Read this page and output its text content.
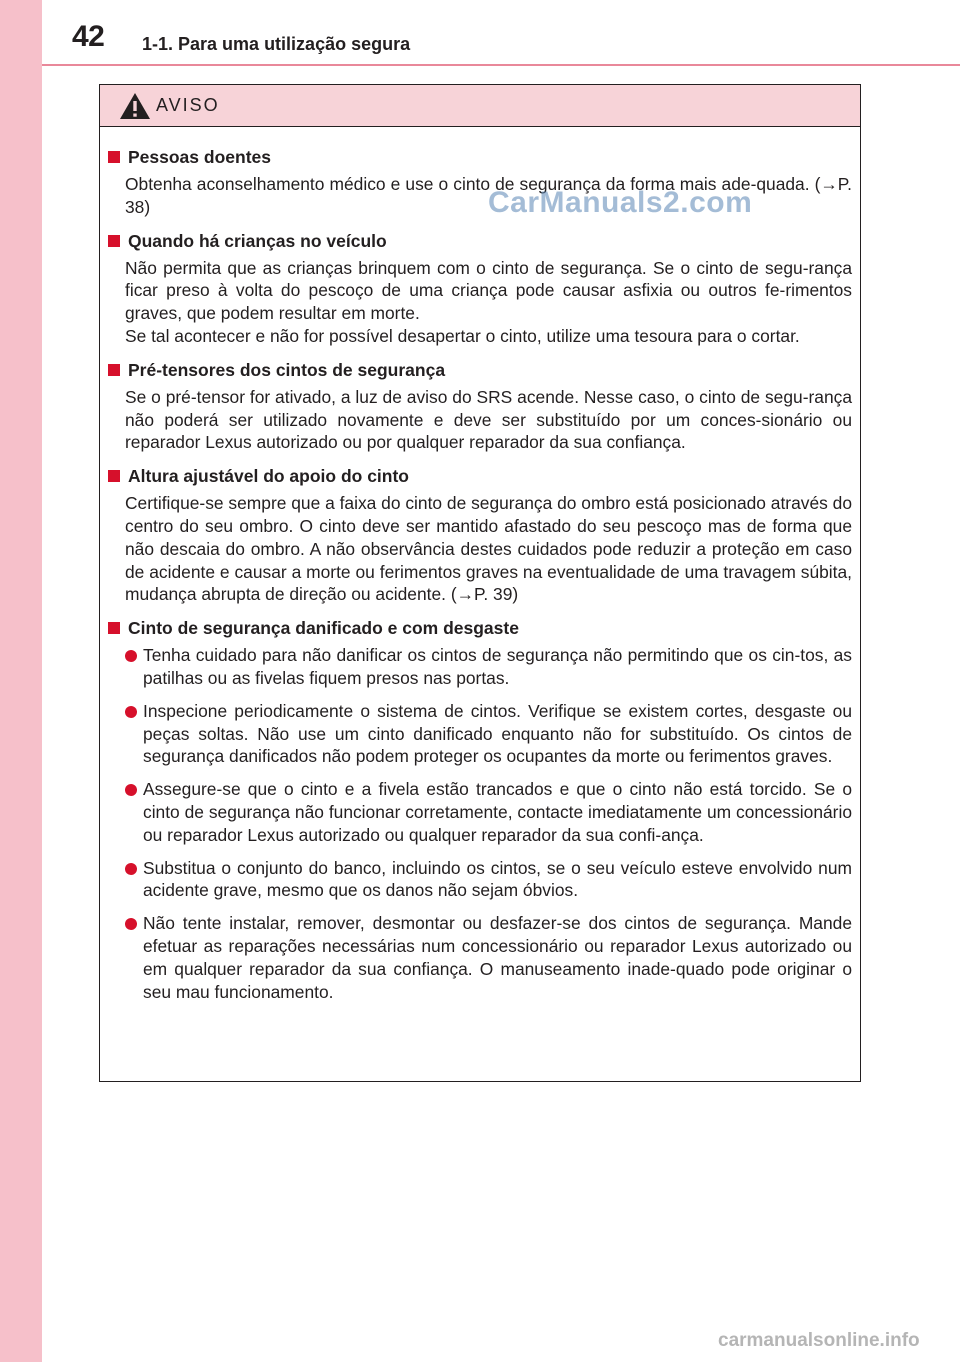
42 1-1. Para uma utilização segura
AVISO
Pessoas doentes

Obtenha aconselhamento médico e use o cinto de segurança da forma mais ade-quada. (→P. 38)

Quando há crianças no veículo

Não permita que as crianças brinquem com o cinto de segurança. Se o cinto de segu-rança ficar preso à volta do pescoço de uma criança pode causar asfixia ou outros fe-rimentos graves, que podem resultar em morte.

Se tal acontecer e não for possível desapertar o cinto, utilize uma tesoura para o cortar.

Pré-tensores dos cintos de segurança

Se o pré-tensor for ativado, a luz de aviso do SRS acende. Nesse caso, o cinto de segu-rança não poderá ser utilizado novamente e deve ser substituído por um conces-sionário ou reparador Lexus autorizado ou por qualquer reparador da sua confiança.

Altura ajustável do apoio do cinto

Certifique-se sempre que a faixa do cinto de segurança do ombro está posicionado através do centro do seu ombro. O cinto deve ser mantido afastado do seu pescoço mas de forma que não descaia do ombro. A não observância destes cuidados pode reduzir a proteção em caso de acidente e causar a morte ou ferimentos graves na eventualidade de uma travagem súbita, mudança abrupta de direção ou acidente. (→P. 39)

Cinto de segurança danificado e com desgaste
Tenha cuidado para não danificar os cintos de segurança não permitindo que os cin-tos, as patilhas ou as fivelas fiquem presos nas portas.
Inspecione periodicamente o sistema de cintos. Verifique se existem cortes, desgaste ou peças soltas. Não use um cinto danificado enquanto não for substituído. Os cintos de segurança danificados não podem proteger os ocupantes da morte ou ferimentos graves.
Assegure-se que o cinto e a fivela estão trancados e que o cinto não está torcido. Se o cinto de segurança não funcionar corretamente, contacte imediatamente um concessionário ou reparador Lexus autorizado ou qualquer reparador da sua confi-ança.
Substitua o conjunto do banco, incluindo os cintos, se o seu veículo esteve envolvido num acidente grave, mesmo que os danos não sejam óbvios.
Não tente instalar, remover, desmontar ou desfazer-se dos cintos de segurança. Mande efetuar as reparações necessárias num concessionário ou reparador Lexus autorizado ou em qualquer reparador da sua confiança. O manuseamento inade-quado pode originar o seu mau funcionamento.
CarManuals2.com
carmanualsonline.info
